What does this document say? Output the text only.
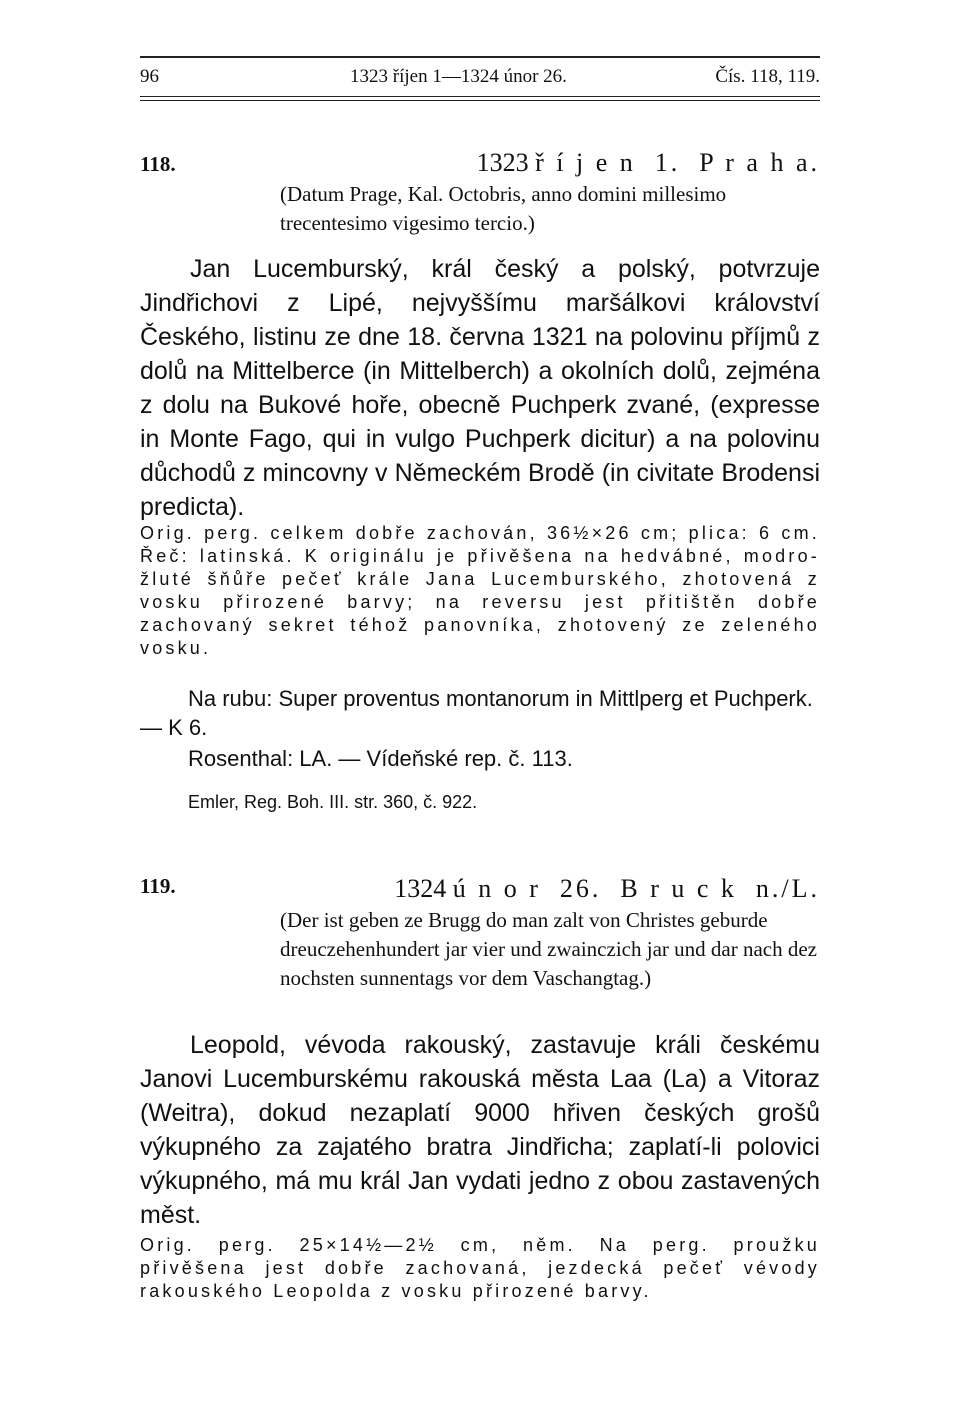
96	1323 říjen 1—1324 únor 26.	Čís. 118, 119.
118.	1323 ř í j e n  1.  P r a h a.
(Datum Prage, Kal. Octobris, anno domini millesimo trecentesimo vigesimo tercio.)
Jan Lucemburský, král český a polský, potvrzuje Jindřichovi z Lipé, nejvyššímu maršálkovi království Českého, listinu ze dne 18. června 1321 na polovinu příjmů z dolů na Mittelberce (in Mittelberch) a okolních dolů, zejména z dolu na Bukové hoře, obecně Puchperk zvané, (expresse in Monte Fago, qui in vulgo Puchperk dicitur) a na polovinu důchodů z mincovny v Německém Brodě (in civitate Brodensi predicta).
Orig. perg. celkem dobře zachován, 36½×26 cm; plica: 6 cm. Řeč: latinská. K originálu je přivěšena na hedvábné, modro-žluté šňůře pečeť krále Jana Lucemburského, zhotovená z vosku přirozené barvy; na reversu jest přitištěn dobře zachovaný sekret téhož panovníka, zhotovený ze zeleného vosku.
Na rubu: Super proventus montanorum in Mittlperg et Puchperk. — K 6.
Rosenthal: LA. — Vídeňské rep. č. 113.
Emler, Reg. Boh. III. str. 360, č. 922.
119.	1324 ú n o r  26.  B r u c k  n./L.
(Der ist geben ze Brugg do man zalt von Christes geburde dreuczehenhundert jar vier und zwainczich jar und dar nach dez nochsten sunnentags vor dem Vaschangtag.)
Leopold, vévoda rakouský, zastavuje králi českému Janovi Lucemburskému rakouská města Laa (La) a Vitoraz (Weitra), dokud nezaplatí 9000 hřiven českých grošů výkupného za zajatého bratra Jindřicha; zaplatí-li polovici výkupného, má mu král Jan vydati jedno z obou zastavených měst.
Orig. perg. 25×14½—2½ cm, něm. Na perg. proužku přivěšena jest dobře zachovaná, jezdecká pečeť vévody rakouského Leopolda z vosku přirozené barvy.
